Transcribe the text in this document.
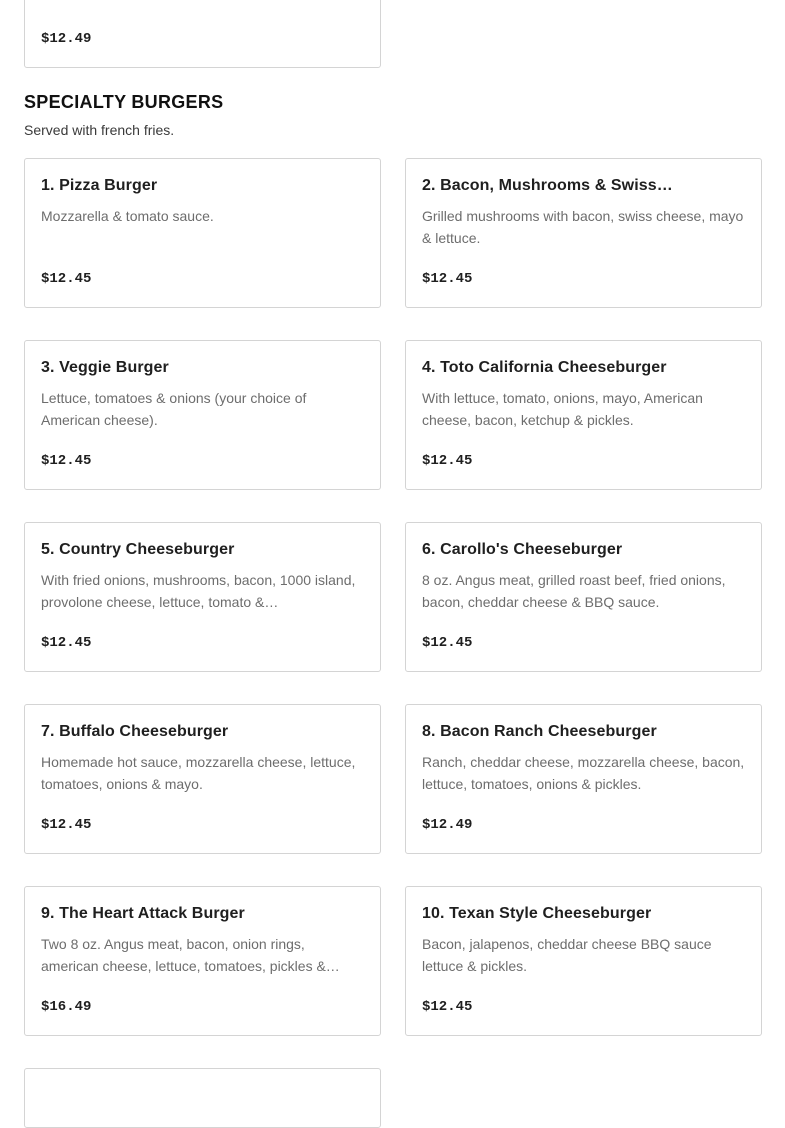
$12.49
SPECIALTY BURGERS
Served with french fries.
1. Pizza Burger
Mozzarella & tomato sauce.
$12.45
2. Bacon, Mushrooms & Swiss…
Grilled mushrooms with bacon, swiss cheese, mayo & lettuce.
$12.45
3. Veggie Burger
Lettuce, tomatoes & onions (your choice of American cheese).
$12.45
4. Toto California Cheeseburger
With lettuce, tomato, onions, mayo, American cheese, bacon, ketchup & pickles.
$12.45
5. Country Cheeseburger
With fried onions, mushrooms, bacon, 1000 island, provolone cheese, lettuce, tomato &…
$12.45
6. Carollo's Cheeseburger
8 oz. Angus meat, grilled roast beef, fried onions, bacon, cheddar cheese & BBQ sauce.
$12.45
7. Buffalo Cheeseburger
Homemade hot sauce, mozzarella cheese, lettuce, tomatoes, onions & mayo.
$12.45
8. Bacon Ranch Cheeseburger
Ranch, cheddar cheese, mozzarella cheese, bacon, lettuce, tomatoes, onions & pickles.
$12.49
9. The Heart Attack Burger
Two 8 oz. Angus meat, bacon, onion rings, american cheese, lettuce, tomatoes, pickles &…
$16.49
10. Texan Style Cheeseburger
Bacon, jalapenos, cheddar cheese BBQ sauce lettuce & pickles.
$12.45
